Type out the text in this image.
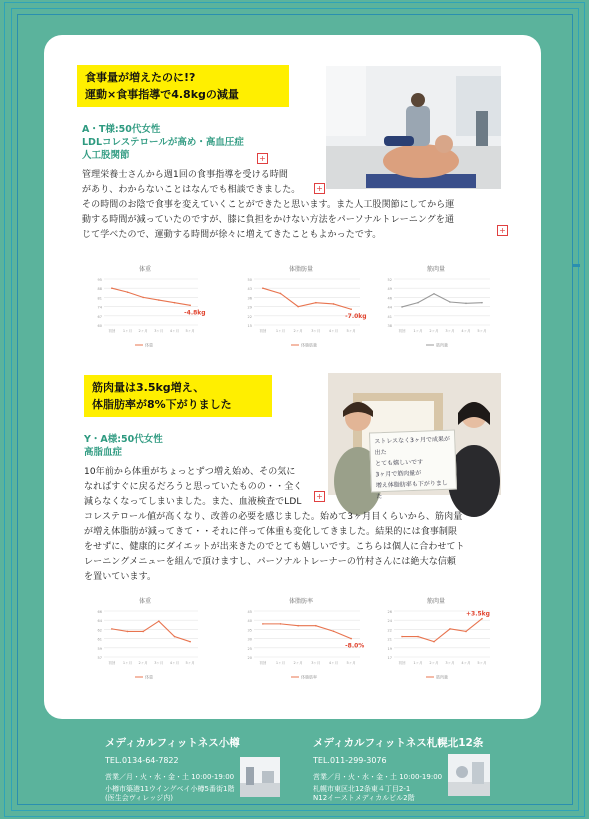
食事量が増えたのに!?
運動×食事指導で4.8kgの減量
A・T様:50代女性
LDLコレステロールが高め・高血圧症
人工股関節	+
管理栄養士さんから週1回の食事指導を受ける時間
があり、わからないことはなんでも相談できました。
その時間のお陰で食事を変えていくことができたと思います。また人工股関節にしてから運
動する時間が減っていたのですが、膝に負担をかけない方法をパーソナルトレーニングを通
じて学べたので、運動する時間が徐々に増えてきたこともよかったです。
+
+
体重
95
88
81
74
67
60
初回 1ヶ月 2ヶ月 3ヶ月 4ヶ月 5ヶ月
体重
-4.8kg
体脂肪量
50
43
36
29
22
15
初回	1ヶ月 2ヶ月 3ヶ月 4ヶ月 5ヶ月
体脂肪量
-7.0kg
筋肉量
52
49
46
44
41
38
初回 1ヶ月 2ヶ月 3ヶ月 4ヶ月 5ヶ月
筋肉量
筋肉量は3.5kg増え、
体脂肪率が8%下がりました
Y・A様:50代女性
高脂血症
ストレスなく3ヶ月で成果が出た
とても嬉しいです
3ヶ月で筋肉量が
増え体脂肪率も下がりました
10年前から体重がちょっとずつ増え始め、その気に
なればすぐに戻るだろうと思っていたものの・・全く
減らなくなってしまいました。また、血液検査でLDL
コレステロール値が高くなり、改善の必要を感じました。始めて3ヶ月目くらいから、筋肉量
が増え体脂肪が減ってきて・・それに伴って体重も変化してきました。結果的には食事制限
をせずに、健康的にダイエットが出来きたのでとても嬉しいです。こちらは個人に合わせてト
レーニングメニューを組んで頂けますし、パーソナルトレーナーの竹村さんには絶大な信頼
を置いています。
+
体重
66
64
62
61
59
57
初回 1ヶ月 2ヶ月 3ヶ月 4ヶ月 5ヶ月
体重
体脂肪率
45
40
35
30
25
20
初回	1ヶ月 2ヶ月 3ヶ月 4ヶ月 5ヶ月
体脂肪率
-8.0%
筋肉量
26
24
22
21
19
17
初回 1ヶ月 2ヶ月 3ヶ月 4ヶ月 5ヶ月
筋肉量
+3.5kg
メディカルフィットネス小樽
TEL.0134-64-7822
営業／月・火・水・金・土 10:00-19:00
小樽市築港11ウイングベイ小樽5番街1階
(医生会ヴィレッジ内)
メディカルフィットネス札幌北12条
TEL.011-299-3076
営業／月・火・水・金・土 10:00-19:00
札幌市東区北12条東４丁目2-1
N12イーストメディカルビル2階
